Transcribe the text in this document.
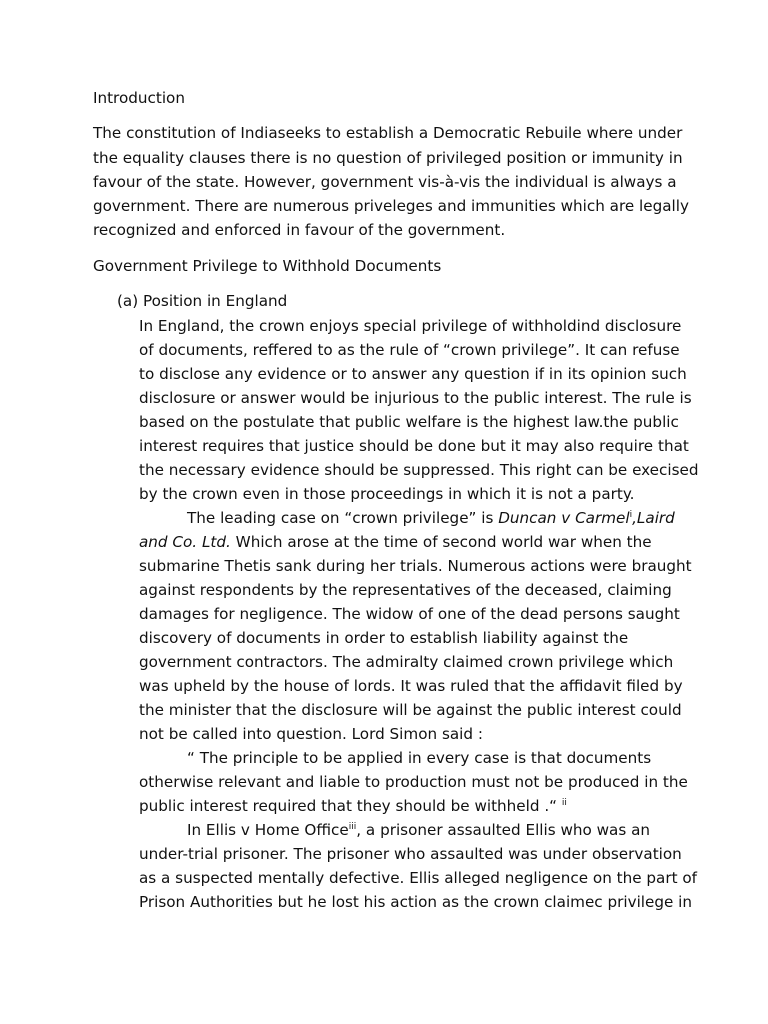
Introduction
The constitution of Indiaseeks to establish a Democratic Rebuile where under
the equality clauses there is no question of privileged position or immunity in
favour of the state. However, government vis-à-vis the individual is always a
government. There are numerous priveleges and immunities which are legally
recognized and enforced in favour of the government.
Government Privilege to Withhold Documents
(a) Position in England
In England, the crown enjoys special privilege of withholdind disclosure
of documents, reffered to as the rule of “crown privilege”. It can refuse
to disclose any evidence or to answer any question if in its opinion such
disclosure or answer would be injurious to the public interest. The rule is
based on the postulate that public welfare is the highest law.the public
interest requires that justice should be done but it may also require that
the necessary evidence should be suppressed. This right can be execised
by the crown even in those proceedings in which it is not a party.
The leading case on “crown privilege” is Duncan v Carmel$^i$,Laird
and Co. Ltd. Which arose at the time of second world war when the
submarine Thetis sank during her trials. Numerous actions were braught
against respondents by the representatives of the deceased, claiming
damages for negligence. The widow of one of the dead persons saught
discovery of documents in order to establish liability against the
government contractors. The admiralty claimed crown privilege which
was upheld by the house of lords. It was ruled that the affidavit filed by
the minister that the disclosure will be against the public interest could
not be called into question. Lord Simon said :
“ The principle to be applied in every case is that documents
otherwise relevant and liable to production must not be produced in the
public interest required that they should be withheld .“ $^{ii}$
In Ellis v Home Office$^{iii}$, a prisoner assaulted Ellis who was an
under-trial prisoner. The prisoner who assaulted was under observation
as a suspected mentally defective. Ellis alleged negligence on the part of
Prison Authorities but he lost his action as the crown claimec privilege in
